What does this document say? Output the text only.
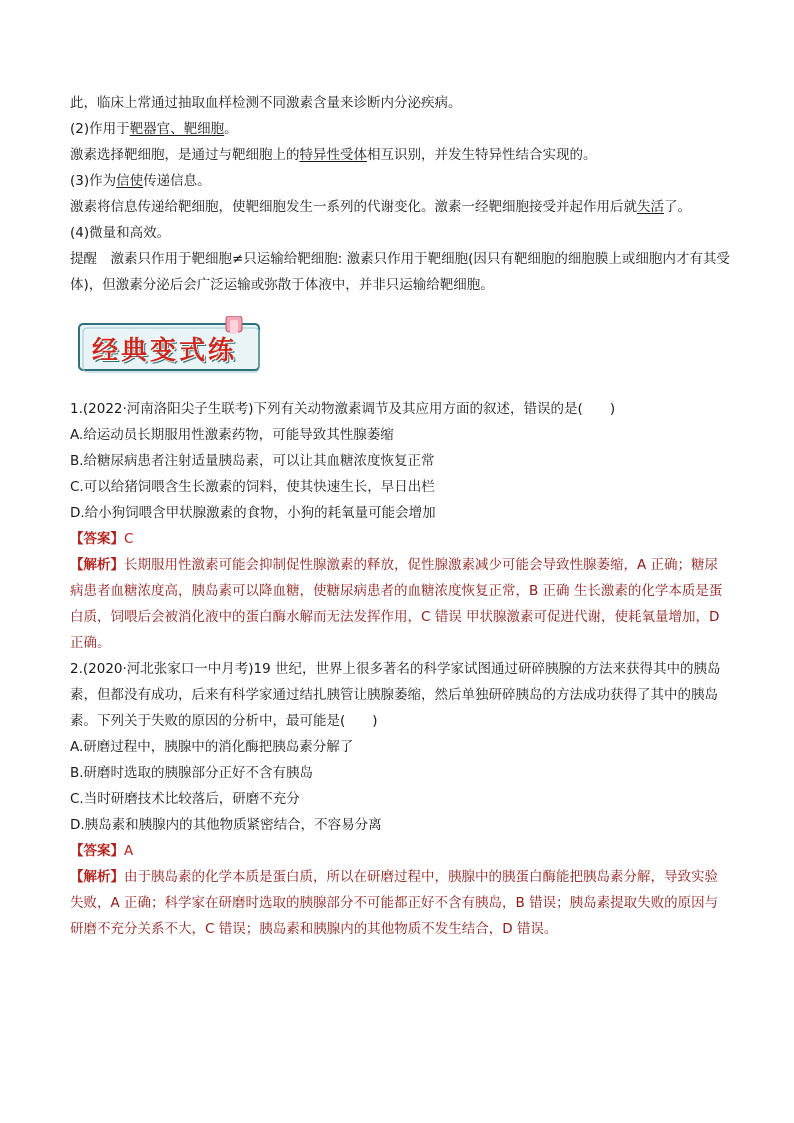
此，临床上常通过抽取血样检测不同激素含量来诊断内分泌疾病。

(2)作用于靶器官、靶细胞。

激素选择靶细胞，是通过与靶细胞上的特异性受体相互识别，并发生特异性结合实现的。

(3)作为信使传递信息。

激素将信息传递给靶细胞，使靶细胞发生一系列的代谢变化。激素一经靶细胞接受并起作用后就失活了。

(4)微量和高效。

提醒　激素只作用于靶细胞≠只运输给靶细胞: 激素只作用于靶细胞(因只有靶细胞的细胞膜上或细胞内才有其受体)，但激素分泌后会广泛运输或弥散于体液中，并非只运输给靶细胞。

经典变式练

1.(2022·河南洛阳尖子生联考)下列有关动物激素调节及其应用方面的叙述，错误的是(　　)

A.给运动员长期服用性激素药物，可能导致其性腺萎缩

B.给糖尿病患者注射适量胰岛素，可以让其血糖浓度恢复正常

C.可以给猪饲喂含生长激素的饲料，使其快速生长，早日出栏

D.给小狗饲喂含甲状腺激素的食物，小狗的耗氧量可能会增加

【答案】C

【解析】长期服用性激素可能会抑制促性腺激素的释放，促性腺激素减少可能会导致性腺萎缩，A 正确；糖尿病患者血糖浓度高，胰岛素可以降血糖，使糖尿病患者的血糖浓度恢复正常，B 正确 生长激素的化学本质是蛋白质，饲喂后会被消化液中的蛋白酶水解而无法发挥作用，C 错误 甲状腺激素可促进代谢，使耗氧量增加，D 正确。

2.(2020·河北张家口一中月考)19 世纪，世界上很多著名的科学家试图通过研碎胰腺的方法来获得其中的胰岛素，但都没有成功，后来有科学家通过结扎胰管让胰腺萎缩，然后单独研碎胰岛的方法成功获得了其中的胰岛素。下列关于失败的原因的分析中，最可能是(　　)

A.研磨过程中，胰腺中的消化酶把胰岛素分解了

B.研磨时选取的胰腺部分正好不含有胰岛

C.当时研磨技术比较落后，研磨不充分

D.胰岛素和胰腺内的其他物质紧密结合，不容易分离

【答案】A

【解析】由于胰岛素的化学本质是蛋白质，所以在研磨过程中，胰腺中的胰蛋白酶能把胰岛素分解，导致实验失败，A 正确；科学家在研磨时选取的胰腺部分不可能都正好不含有胰岛，B 错误；胰岛素提取失败的原因与研磨不充分关系不大，C 错误；胰岛素和胰腺内的其他物质不发生结合，D 错误。
